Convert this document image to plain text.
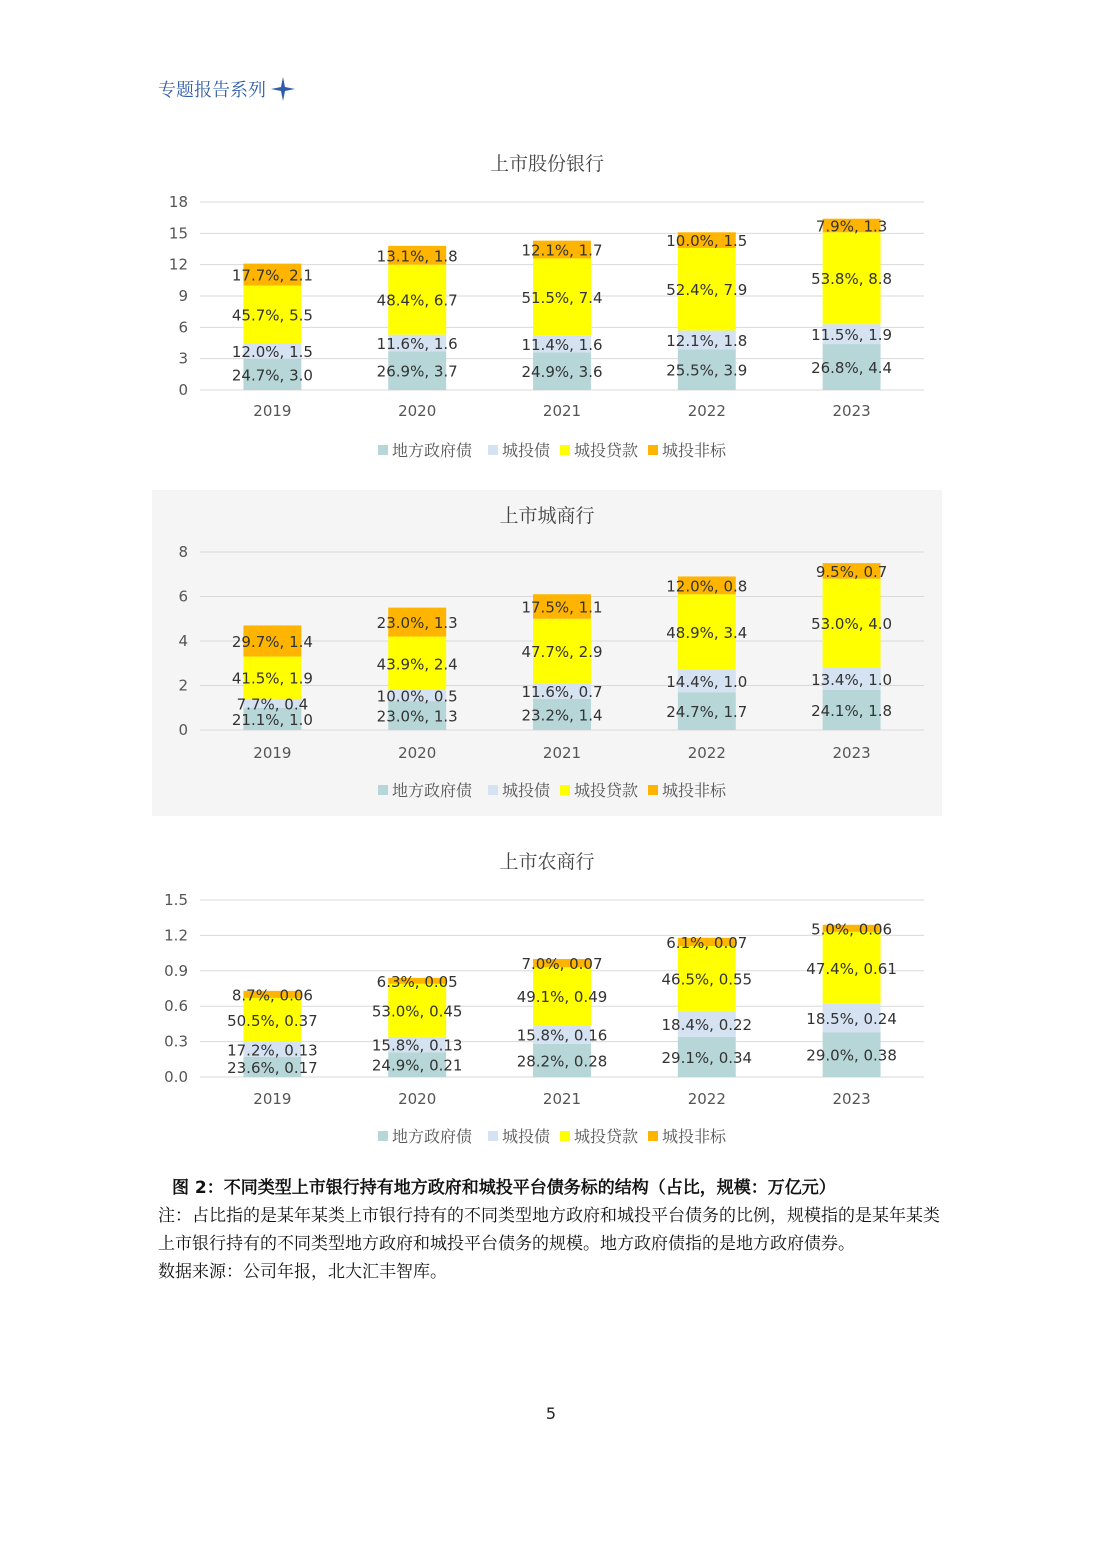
专题报告系列
上市股份银行
0
3
6
9
12
15
18
24.7%, 3.0
12.0%, 1.5
45.7%, 5.5
17.7%, 2.1
2019
26.9%, 3.7
11.6%, 1.6
48.4%, 6.7
13.1%, 1.8
2020
24.9%, 3.6
11.4%, 1.6
51.5%, 7.4
12.1%, 1.7
2021
25.5%, 3.9
12.1%, 1.8
52.4%, 7.9
10.0%, 1.5
2022
26.8%, 4.4
11.5%, 1.9
53.8%, 8.8
7.9%, 1.3
2023
地方政府债 城投债 城投贷款 城投非标
上市城商行
0
2
4
6
8
21.1%, 1.0
7.7%, 0.4
41.5%, 1.9
29.7%, 1.4
2019
23.0%, 1.3
10.0%, 0.5
43.9%, 2.4
23.0%, 1.3
2020
23.2%, 1.4
11.6%, 0.7
47.7%, 2.9
17.5%, 1.1
2021
24.7%, 1.7
14.4%, 1.0
48.9%, 3.4
12.0%, 0.8
2022
24.1%, 1.8
13.4%, 1.0
53.0%, 4.0
9.5%, 0.7
2023
地方政府债 城投债 城投贷款 城投非标
上市农商行
0.0
0.3
0.6
0.9
1.2
1.5
23.6%, 0.17
17.2%, 0.13
50.5%, 0.37
8.7%, 0.06
2019
24.9%, 0.21
15.8%, 0.13
53.0%, 0.45
6.3%, 0.05
2020
28.2%, 0.28
15.8%, 0.16
49.1%, 0.49
7.0%, 0.07
2021
29.1%, 0.34
18.4%, 0.22
46.5%, 0.55
6.1%, 0.07
2022
29.0%, 0.38
18.5%, 0.24
47.4%, 0.61
5.0%, 0.06
2023
地方政府债 城投债 城投贷款 城投非标
图 2：不同类型上市银行持有地方政府和城投平台债务标的结构（占比，规模：万亿元）
注：占比指的是某年某类上市银行持有的不同类型地方政府和城投平台债务的比例，规模指的是某年某类上市银行持有的不同类型地方政府和城投平台债务的规模。地方政府债指的是地方政府债券。
数据来源：公司年报，北大汇丰智库。
5
